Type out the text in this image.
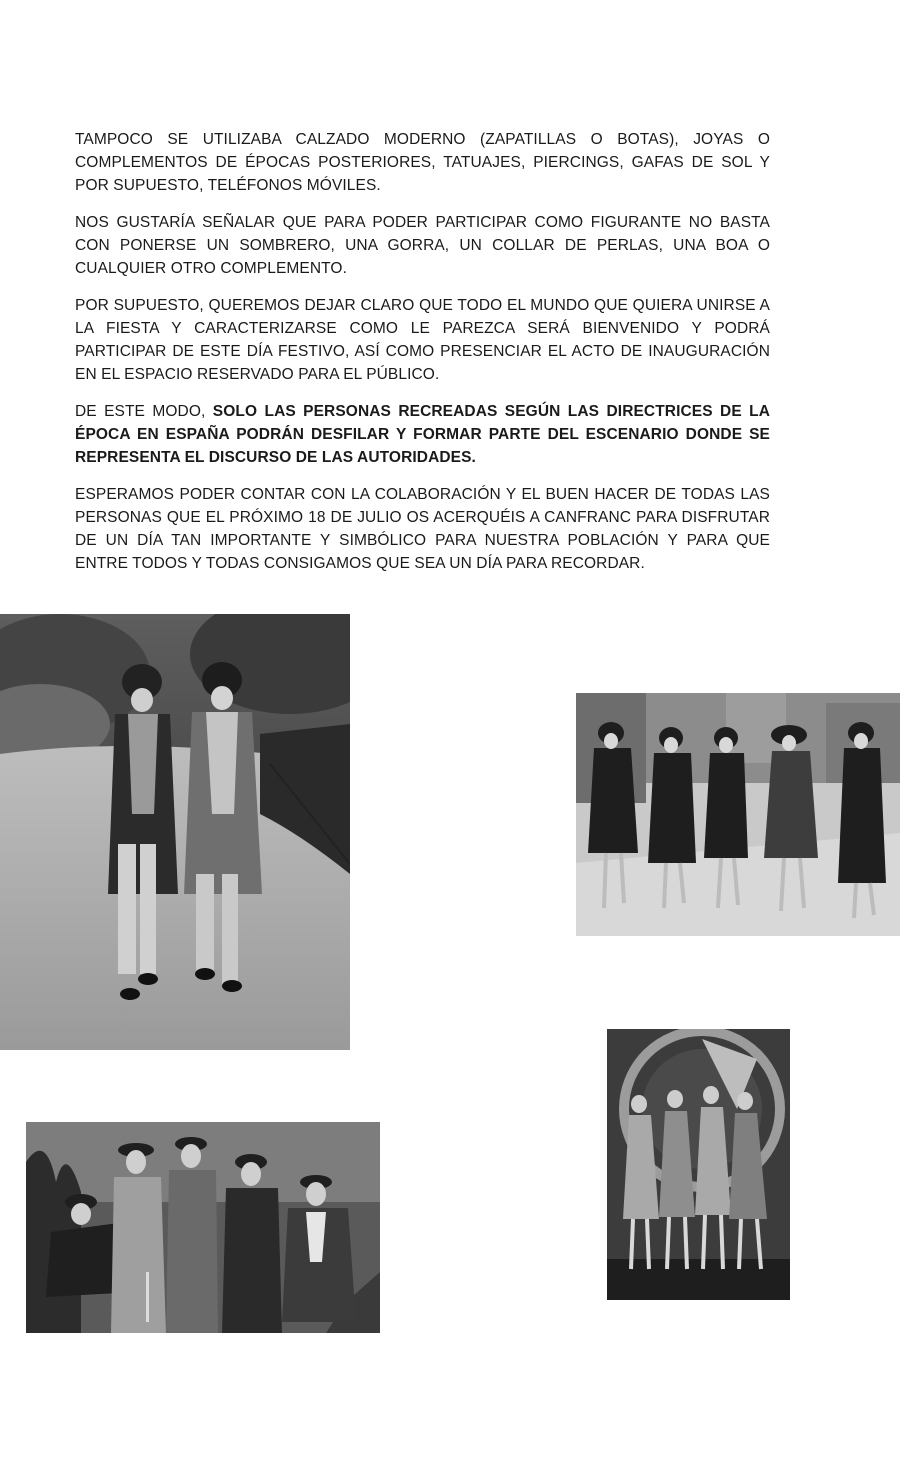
TAMPOCO SE UTILIZABA CALZADO MODERNO (ZAPATILLAS O BOTAS), JOYAS O COMPLEMENTOS DE ÉPOCAS POSTERIORES, TATUAJES, PIERCINGS, GAFAS DE SOL Y POR SUPUESTO, TELÉFONOS MÓVILES.

NOS GUSTARÍA SEÑALAR QUE PARA PODER PARTICIPAR COMO FIGURANTE NO BASTA CON PONERSE UN SOMBRERO, UNA GORRA, UN COLLAR DE PERLAS, UNA BOA O CUALQUIER OTRO COMPLEMENTO.

POR SUPUESTO, QUEREMOS DEJAR CLARO QUE TODO EL MUNDO QUE QUIERA UNIRSE A LA FIESTA Y CARACTERIZARSE COMO LE PAREZCA SERÁ BIENVENIDO Y PODRÁ PARTICIPAR DE ESTE DÍA FESTIVO, ASÍ COMO PRESENCIAR EL ACTO DE INAUGURACIÓN EN EL ESPACIO RESERVADO PARA EL PÚBLICO.

DE ESTE MODO, SOLO LAS PERSONAS RECREADAS SEGÚN LAS DIRECTRICES DE LA ÉPOCA EN ESPAÑA PODRÁN DESFILAR Y FORMAR PARTE DEL ESCENARIO DONDE SE REPRESENTA EL DISCURSO DE LAS AUTORIDADES.

ESPERAMOS PODER CONTAR CON LA COLABORACIÓN Y EL BUEN HACER DE TODAS LAS PERSONAS QUE EL PRÓXIMO 18 DE JULIO OS ACERQUÉIS A CANFRANC PARA DISFRUTAR DE UN DÍA TAN IMPORTANTE Y SIMBÓLICO PARA NUESTRA POBLACIÓN Y PARA QUE ENTRE TODOS Y TODAS CONSIGAMOS QUE SEA UN DÍA PARA RECORDAR.
